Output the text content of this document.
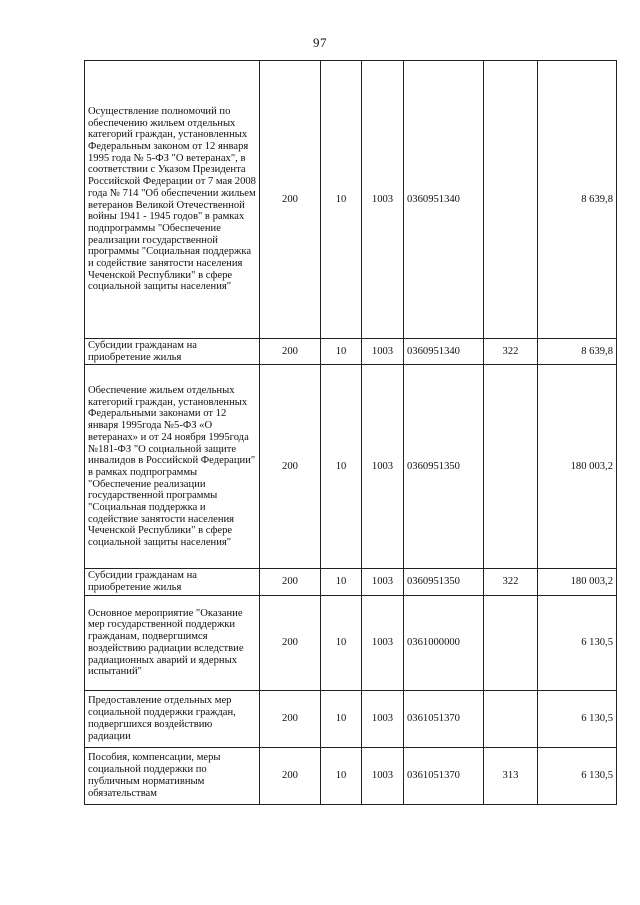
97
Осуществление полномочий по обеспечению жильем отдельных категорий граждан, установленных Федеральным законом от 12 января 1995 года № 5-ФЗ "О ветеранах", в соответствии с Указом Президента Российской Федерации от 7 мая 2008 года № 714 "Об обеспечении жильем ветеранов Великой Отечественной войны 1941 - 1945 годов" в рамках подпрограммы "Обеспечение реализации государственной программы "Социальная поддержка и содействие занятости населения Чеченской Республики" в сфере социальной защиты населения"	200	10	1003	0360951340		8 639,8
Субсидии гражданам на приобретение жилья	200	10	1003	0360951340	322	8 639,8
Обеспечение жильем отдельных категорий граждан, установленных Федеральными законами от 12 января 1995года №5-ФЗ «О ветеранах» и от 24 ноября 1995года №181-ФЗ "О социальной защите инвалидов в Российской Федерации" в рамках подпрограммы "Обеспечение реализации государственной программы "Социальная поддержка и содействие занятости населения Чеченской Республики" в сфере социальной защиты населения"	200	10	1003	0360951350		180 003,2
Субсидии гражданам на приобретение жилья	200	10	1003	0360951350	322	180 003,2
Основное мероприятие "Оказание мер государственной поддержки гражданам, подвергшимся воздействию радиации вследствие радиационных аварий и ядерных испытаний"	200	10	1003	0361000000		6 130,5
Предоставление отдельных мер социальной поддержки граждан, подвергшихся воздействию радиации	200	10	1003	0361051370		6 130,5
Пособия, компенсации, меры социальной поддержки по публичным нормативным обязательствам	200	10	1003	0361051370	313	6 130,5
